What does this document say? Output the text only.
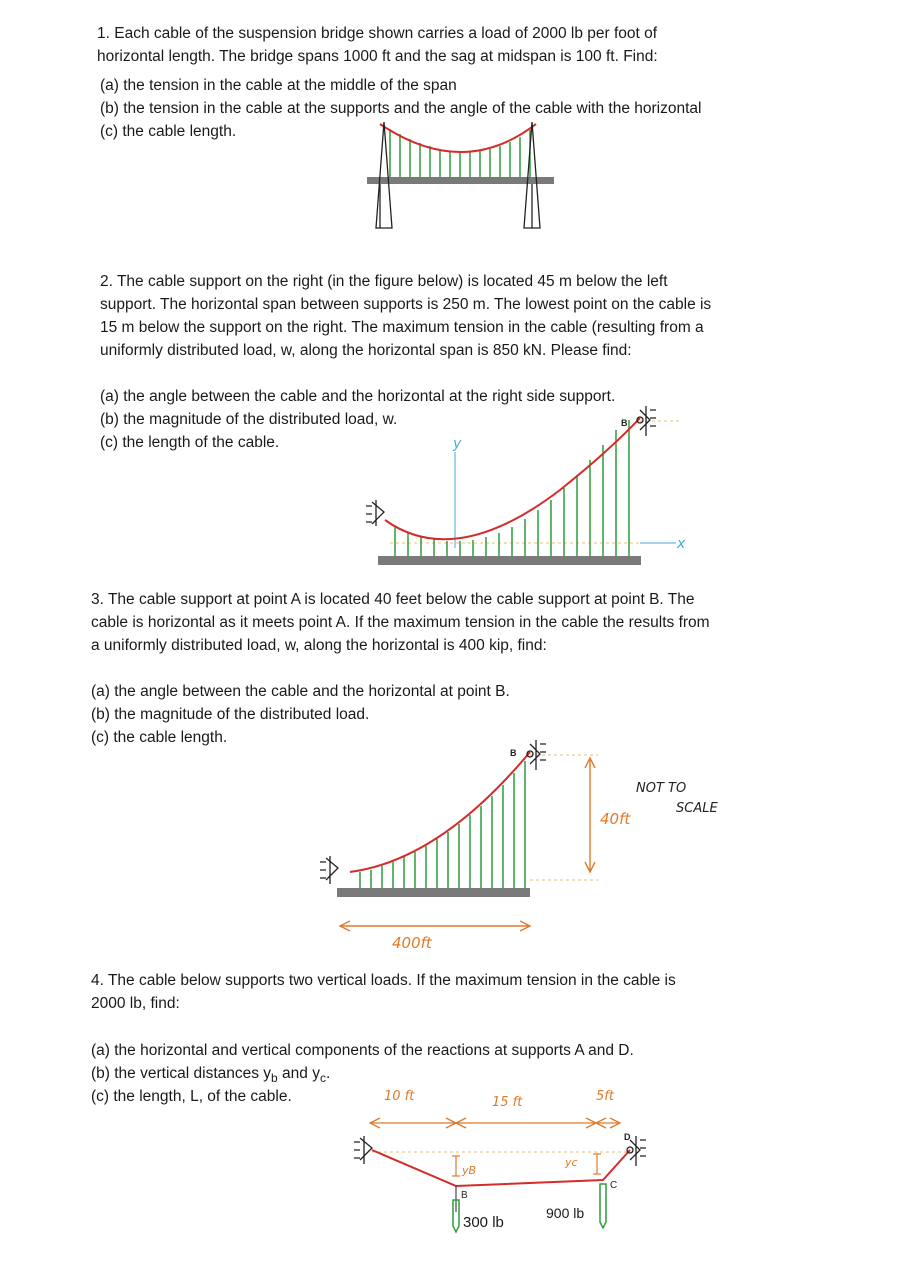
1. Each cable of the suspension bridge shown carries a load of 2000 lb per foot of
horizontal length. The bridge spans 1000 ft and the sag at midspan is 100 ft. Find:
(a) the tension in the cable at the middle of the span
(b) the tension in the cable at the supports and the angle of the cable with the horizontal
(c) the cable length.
2. The cable support on the right (in the figure below) is located 45 m below the left
support. The horizontal span between supports is 250 m. The lowest point on the cable is
15 m below the support on the right. The maximum tension in the cable (resulting from a
uniformly distributed load, w, along the horizontal span is 850 kN. Please find:
(a) the angle between the cable and the horizontal at the right side support.
(b) the magnitude of the distributed load, w.
(c) the length of the cable.
B
y
x
3. The cable support at point A is located 40 feet below the cable support at point B. The
cable is horizontal as it meets point A. If the maximum tension in the cable the results from
a uniformly distributed load, w, along the horizontal is 400 kip, find:
(a) the angle between the cable and the horizontal at point B.
(b) the magnitude of the distributed load.
(c) the cable length.
B
40ft
400ft
NOT TO
SCALE
4. The cable below supports two vertical loads. If the maximum tension in the cable is
2000 lb, find:
(a) the horizontal and vertical components of the reactions at supports A and D.
(b) the vertical distances $y_b$ and $y_c$.
(c) the length, L, of the cable.	10 ft	15 ft	5ft
D
yB
yc
B
C
300 lb
900 lb
